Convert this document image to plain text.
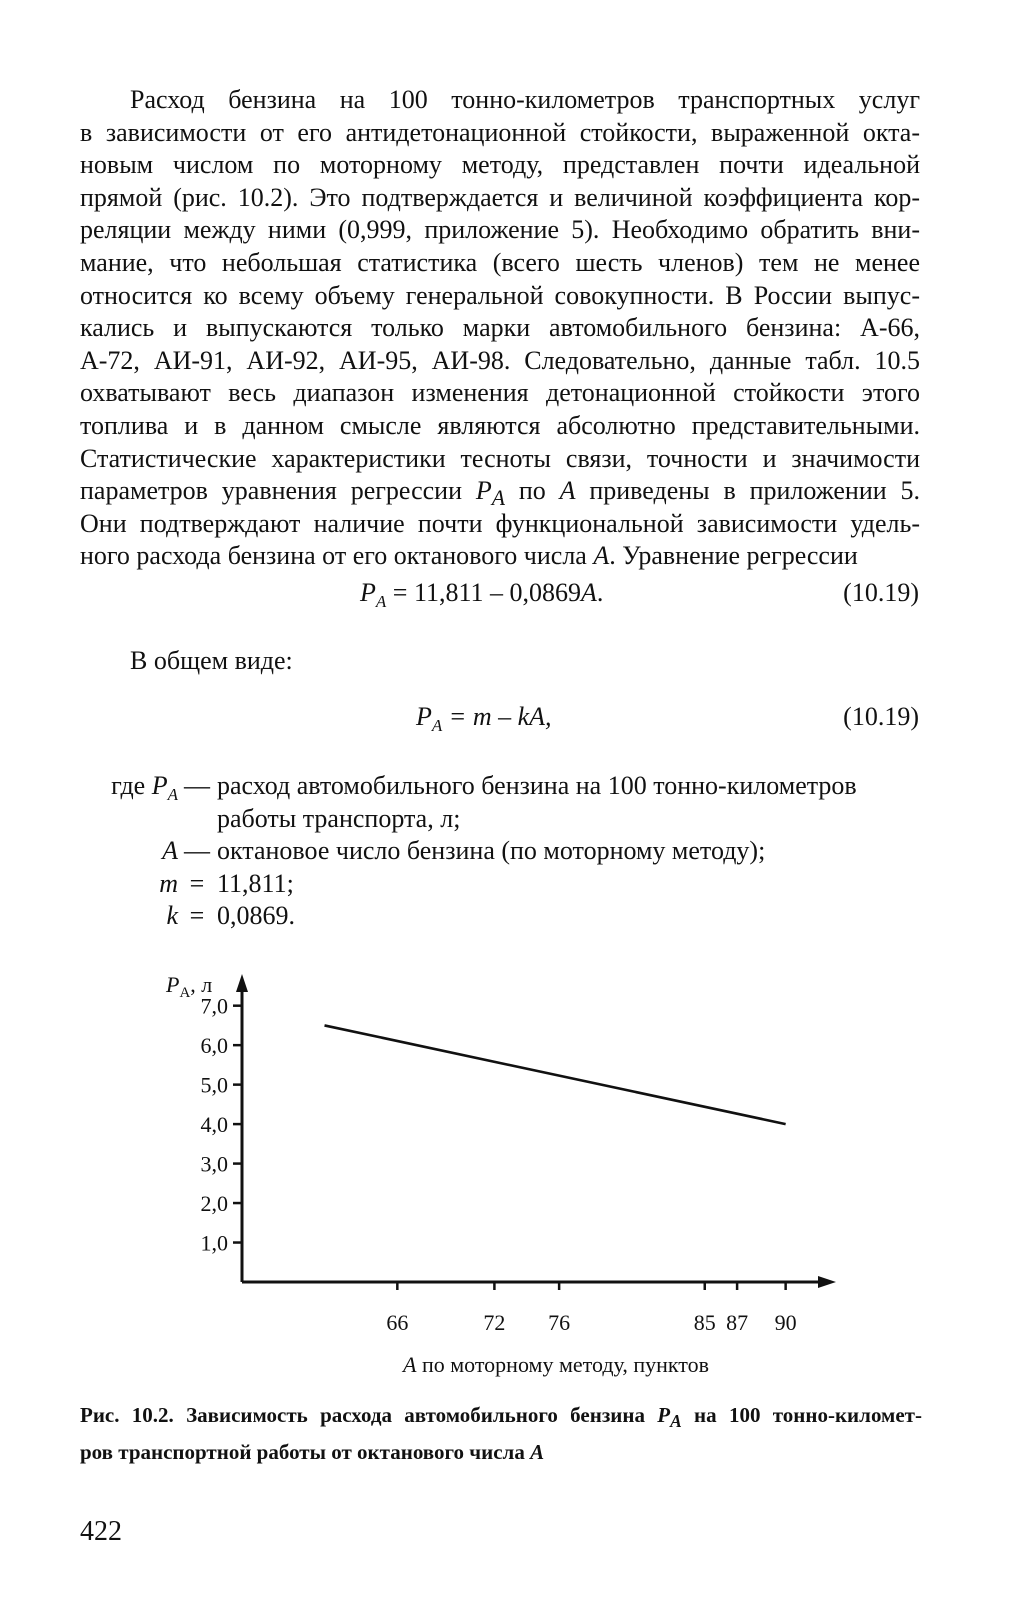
Расход бензина на 100 тонно-километров транспортных услуг
в зависимости от его антидетонационной стойкости, выраженной окта-
новым числом по моторному методу, представлен почти идеальной
прямой (рис. 10.2). Это подтверждается и величиной коэффициента кор-
реляции между ними (0,999, приложение 5). Необходимо обратить вни-
мание, что небольшая статистика (всего шесть членов) тем не менее
относится ко всему объему генеральной совокупности. В России выпус-
кались и выпускаются только марки автомобильного бензина: А-66,
А-72, АИ-91, АИ-92, АИ-95, АИ-98. Следовательно, данные табл. 10.5
охватывают весь диапазон изменения детонационной стойкости этого
топлива и в данном смысле являются абсолютно представительными.
Статистические характеристики тесноты связи, точности и значимости
параметров уравнения регрессии $P_A$ по A приведены в приложении 5.
Они подтверждают наличие почти функциональной зависимости удель-
ного расхода бензина от его октанового числа A. Уравнение регрессии
$P_A = 11,811 - 0,0869A$.	(10.19)
В общем виде:
$P_A = m$ – kA,	(10.19)
где $P_A$ — расход автомобильного бензина на 100 тонно-километров
работы транспорта, л;
A — октановое число бензина (по моторному методу);
m = 11,811;
k = 0,0869.
$P_A$, л
7,0
6,0
5,0
4,0
3,0
2,0
1,0
66	72 76	85 87 90
A по моторному методу, пунктов
Рис. 10.2. Зависимость расхода автомобильного бензина $P_A$ на 100 тонно-километ-
ров транспортной работы от октанового числа A
422
